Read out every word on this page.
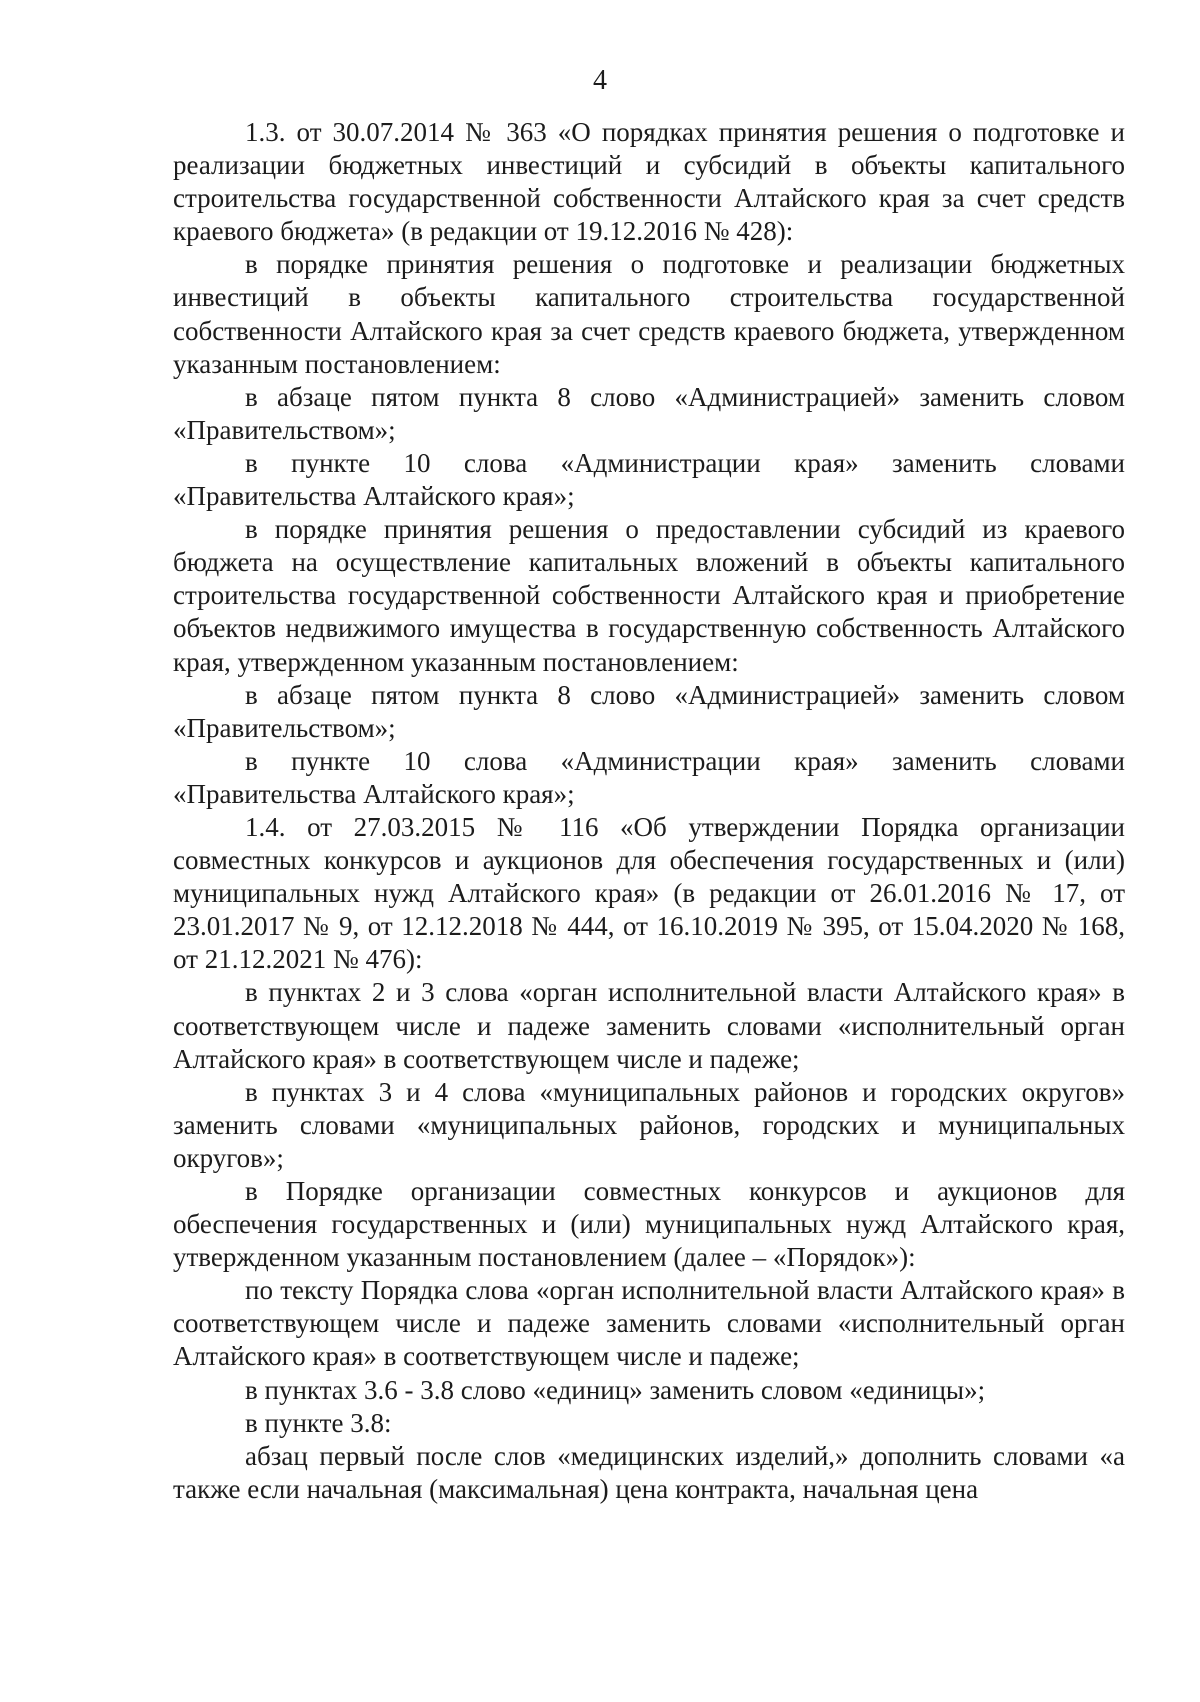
4

1.3. от 30.07.2014 № 363 «О порядках принятия решения о подготовке и реализации бюджетных инвестиций и субсидий в объекты капитального строительства государственной собственности Алтайского края за счет средств краевого бюджета» (в редакции от 19.12.2016 № 428):

в порядке принятия решения о подготовке и реализации бюджетных инвестиций в объекты капитального строительства государственной собственности Алтайского края за счет средств краевого бюджета, утвержденном указанным постановлением:

в абзаце пятом пункта 8 слово «Администрацией» заменить словом «Правительством»;

в пункте 10 слова «Администрации края» заменить словами «Правительства Алтайского края»;

в порядке принятия решения о предоставлении субсидий из краевого бюджета на осуществление капитальных вложений в объекты капитального строительства государственной собственности Алтайского края и приобретение объектов недвижимого имущества в государственную собственность Алтайского края, утвержденном указанным постановлением:

в абзаце пятом пункта 8 слово «Администрацией» заменить словом «Правительством»;

в пункте 10 слова «Администрации края» заменить словами «Правительства Алтайского края»;

1.4. от 27.03.2015 № 116 «Об утверждении Порядка организации совместных конкурсов и аукционов для обеспечения государственных и (или) муниципальных нужд Алтайского края» (в редакции от 26.01.2016 № 17, от 23.01.2017 № 9, от 12.12.2018 № 444, от 16.10.2019 № 395, от 15.04.2020 № 168, от 21.12.2021 № 476):

в пунктах 2 и 3 слова «орган исполнительной власти Алтайского края» в соответствующем числе и падеже заменить словами «исполнительный орган Алтайского края» в соответствующем числе и падеже;

в пунктах 3 и 4 слова «муниципальных районов и городских округов» заменить словами «муниципальных районов, городских и муниципальных округов»;

в Порядке организации совместных конкурсов и аукционов для обеспечения государственных и (или) муниципальных нужд Алтайского края, утвержденном указанным постановлением (далее – «Порядок»):

по тексту Порядка слова «орган исполнительной власти Алтайского края» в соответствующем числе и падеже заменить словами «исполнительный орган Алтайского края» в соответствующем числе и падеже;

в пунктах 3.6 - 3.8 слово «единиц» заменить словом «единицы»;

в пункте 3.8:

абзац первый после слов «медицинских изделий,» дополнить словами «а также если начальная (максимальная) цена контракта, начальная цена
